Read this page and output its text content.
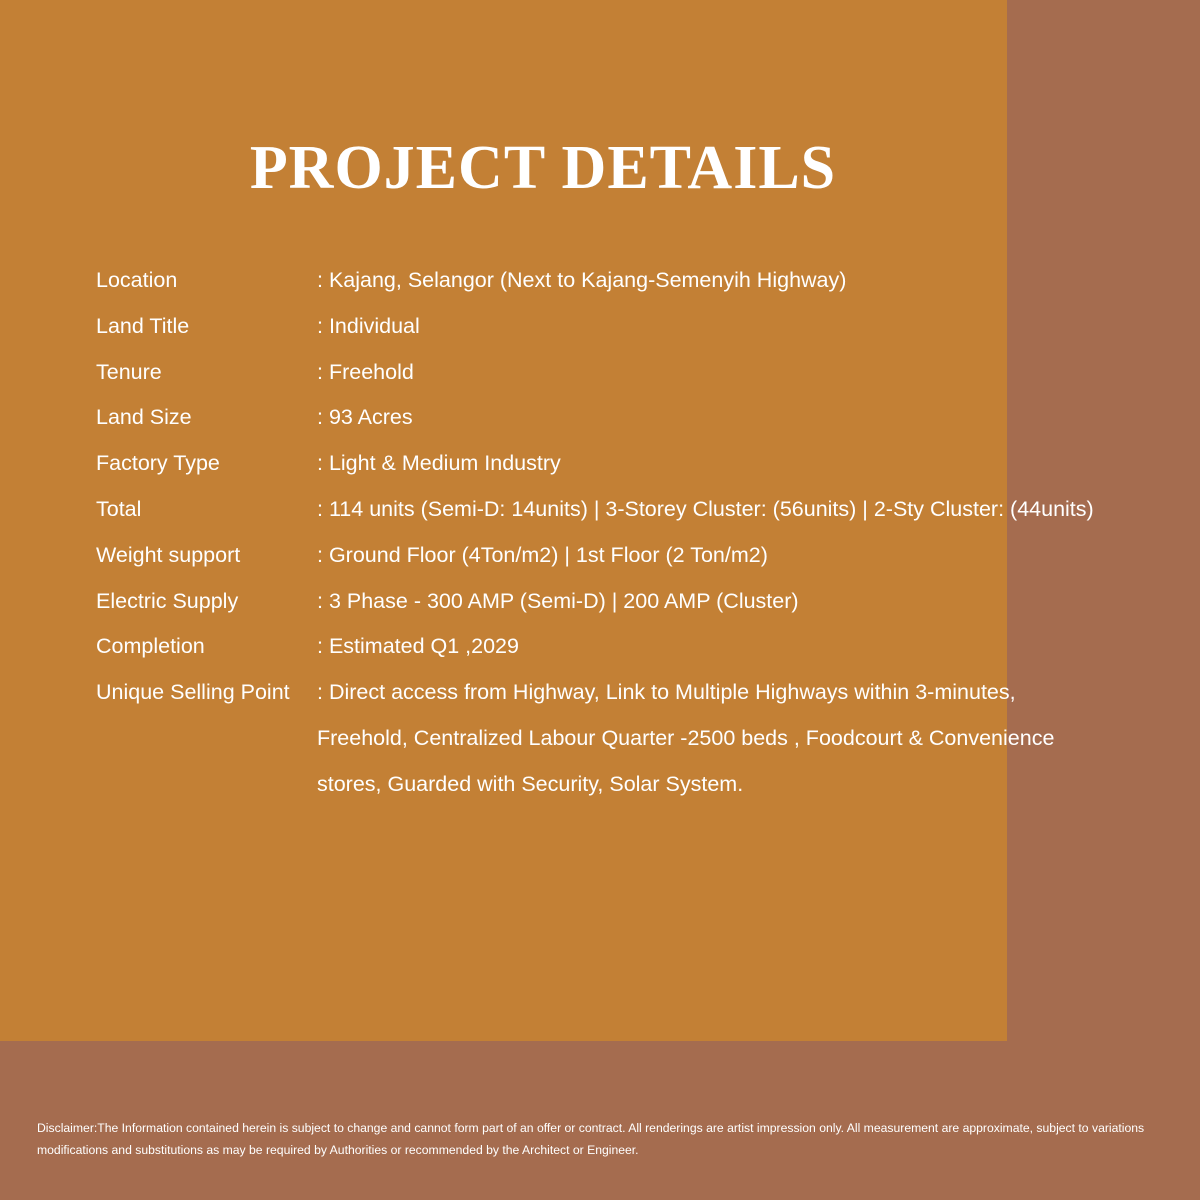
PROJECT DETAILS
Location	: Kajang, Selangor (Next to Kajang-Semenyih Highway)
Land Title	: Individual
Tenure	: Freehold
Land Size	: 93 Acres
Factory Type	: Light & Medium Industry
Total	: 114 units (Semi-D: 14units) | 3-Storey Cluster: (56units) | 2-Sty Cluster: (44units)
Weight support	: Ground Floor (4Ton/m2) | 1st Floor (2 Ton/m2)
Electric Supply	: 3 Phase - 300 AMP (Semi-D) | 200 AMP (Cluster)
Completion	: Estimated Q1 ,2029
Unique Selling Point	: Direct access from Highway, Link to Multiple Highways within 3-minutes,
Freehold, Centralized Labour Quarter -2500 beds , Foodcourt & Convenience
stores, Guarded with Security, Solar System.

Disclaimer:The Information contained herein is subject to change and cannot form part of an offer or contract. All renderings are artist impression only. All measurement are approximate, subject to variations
modifications and substitutions as may be required by Authorities or recommended by the Architect or Engineer.
